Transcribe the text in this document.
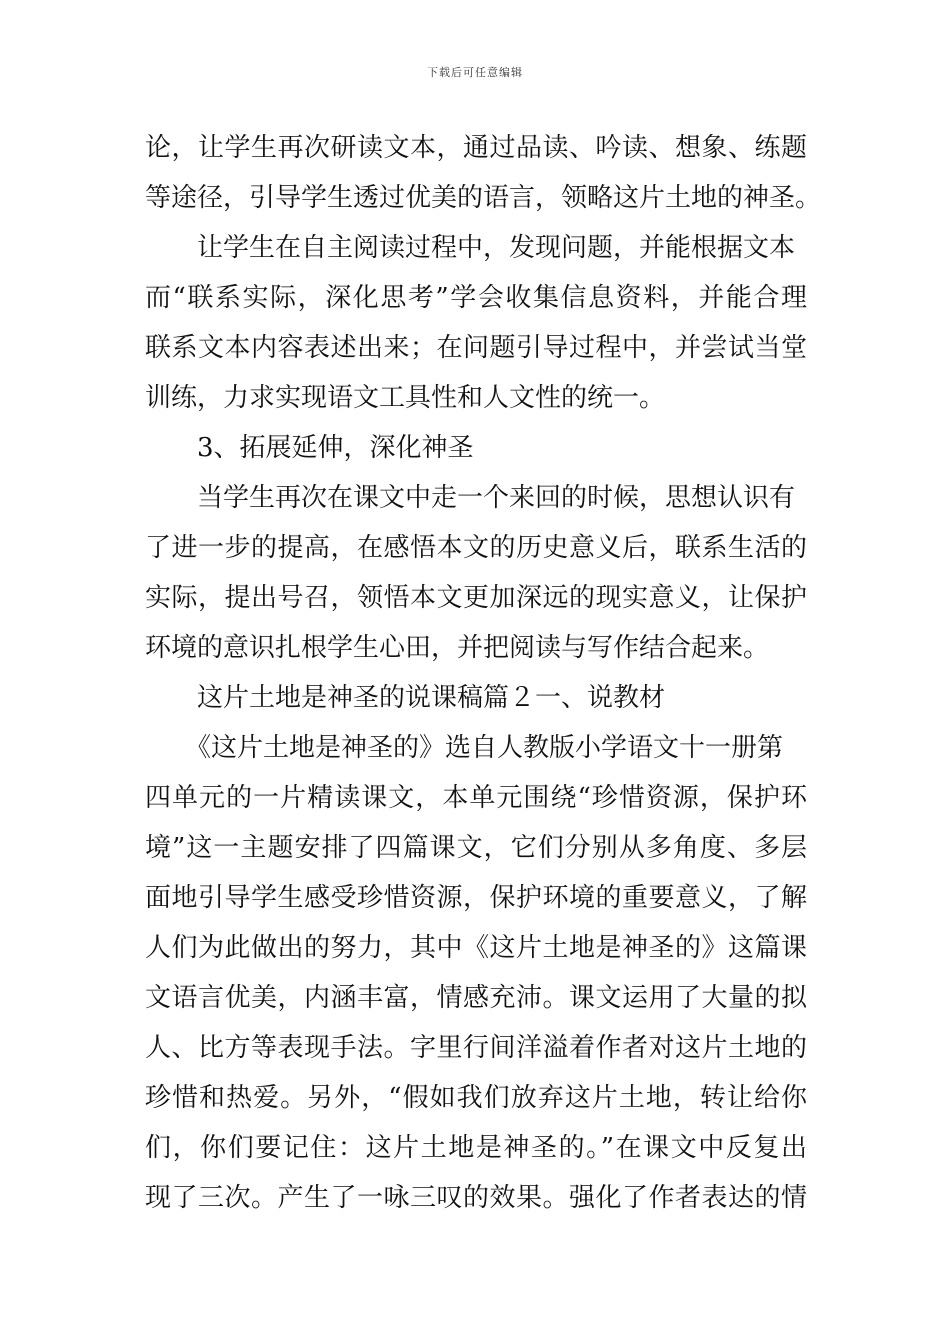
下载后可任意编辑
论，让学生再次研读文本，通过品读、吟读、想象、练题
等途径，引导学生透过优美的语言，领略这片土地的神圣。
让学生在自主阅读过程中，发现问题，并能根据文本
而“联系实际，深化思考”学会收集信息资料，并能合理
联系文本内容表述出来；在问题引导过程中，并尝试当堂
训练，力求实现语文工具性和人文性的统一。
3、拓展延伸，深化神圣
当学生再次在课文中走一个来回的时候，思想认识有
了进一步的提高，在感悟本文的历史意义后，联系生活的
实际，提出号召，领悟本文更加深远的现实意义，让保护
环境的意识扎根学生心田，并把阅读与写作结合起来。
这片土地是神圣的说课稿篇２一、说教材
《这片土地是神圣的》选自人教版小学语文十一册第
四单元的一片精读课文，本单元围绕“珍惜资源，保护环
境”这一主题安排了四篇课文，它们分别从多角度、多层
面地引导学生感受珍惜资源，保护环境的重要意义，了解
人们为此做出的努力，其中《这片土地是神圣的》这篇课
文语言优美，内涵丰富，情感充沛。课文运用了大量的拟
人、比方等表现手法。字里行间洋溢着作者对这片土地的
珍惜和热爱。另外，“假如我们放弃这片土地，转让给你
们，你们要记住：这片土地是神圣的。”在课文中反复出
现了三次。产生了一咏三叹的效果。强化了作者表达的情
